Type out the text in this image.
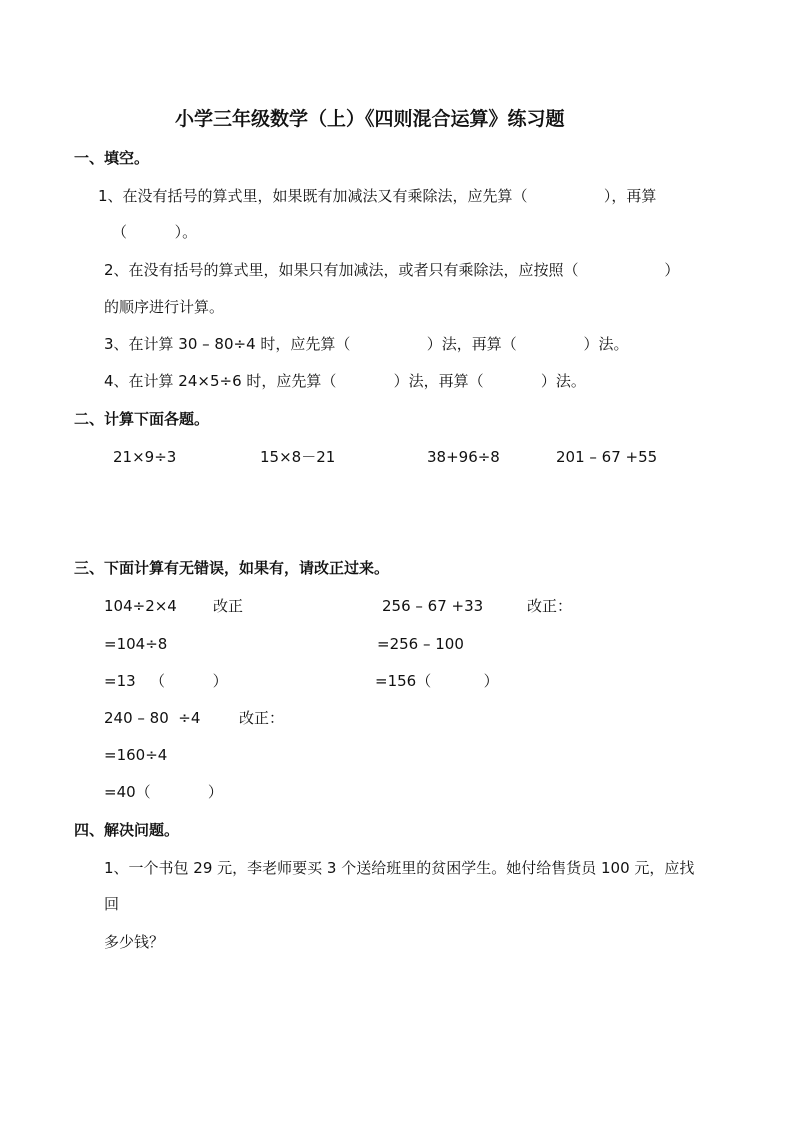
小学三年级数学（上）《四则混合运算》练习题
一、填空。
1、在没有括号的算式里，如果既有加减法又有乘除法，应先算（                ），再算
（          ）。
2、在没有括号的算式里，如果只有加减法，或者只有乘除法，应按照（                  ）
的顺序进行计算。
3、在计算 30 – 80÷4 时，应先算（                ）法，再算（              ）法。
4、在计算 24×5÷6 时，应先算（            ）法，再算（            ）法。
二、计算下面各题。
21×9÷3	15×8－21	38+96÷8	201 – 67 +55
三、下面计算有无错误，如果有，请改正过来。
104÷2×4 改正	256 – 67 +33	改正：
=104÷8	=256 – 100
=13   （          ）	=156（           ）
240 – 80  ÷4	改正：
=160÷4
=40（            ）
四、解决问题。
1、一个书包 29 元，李老师要买 3 个送给班里的贫困学生。她付给售货员 100 元，应找
回
多少钱？
